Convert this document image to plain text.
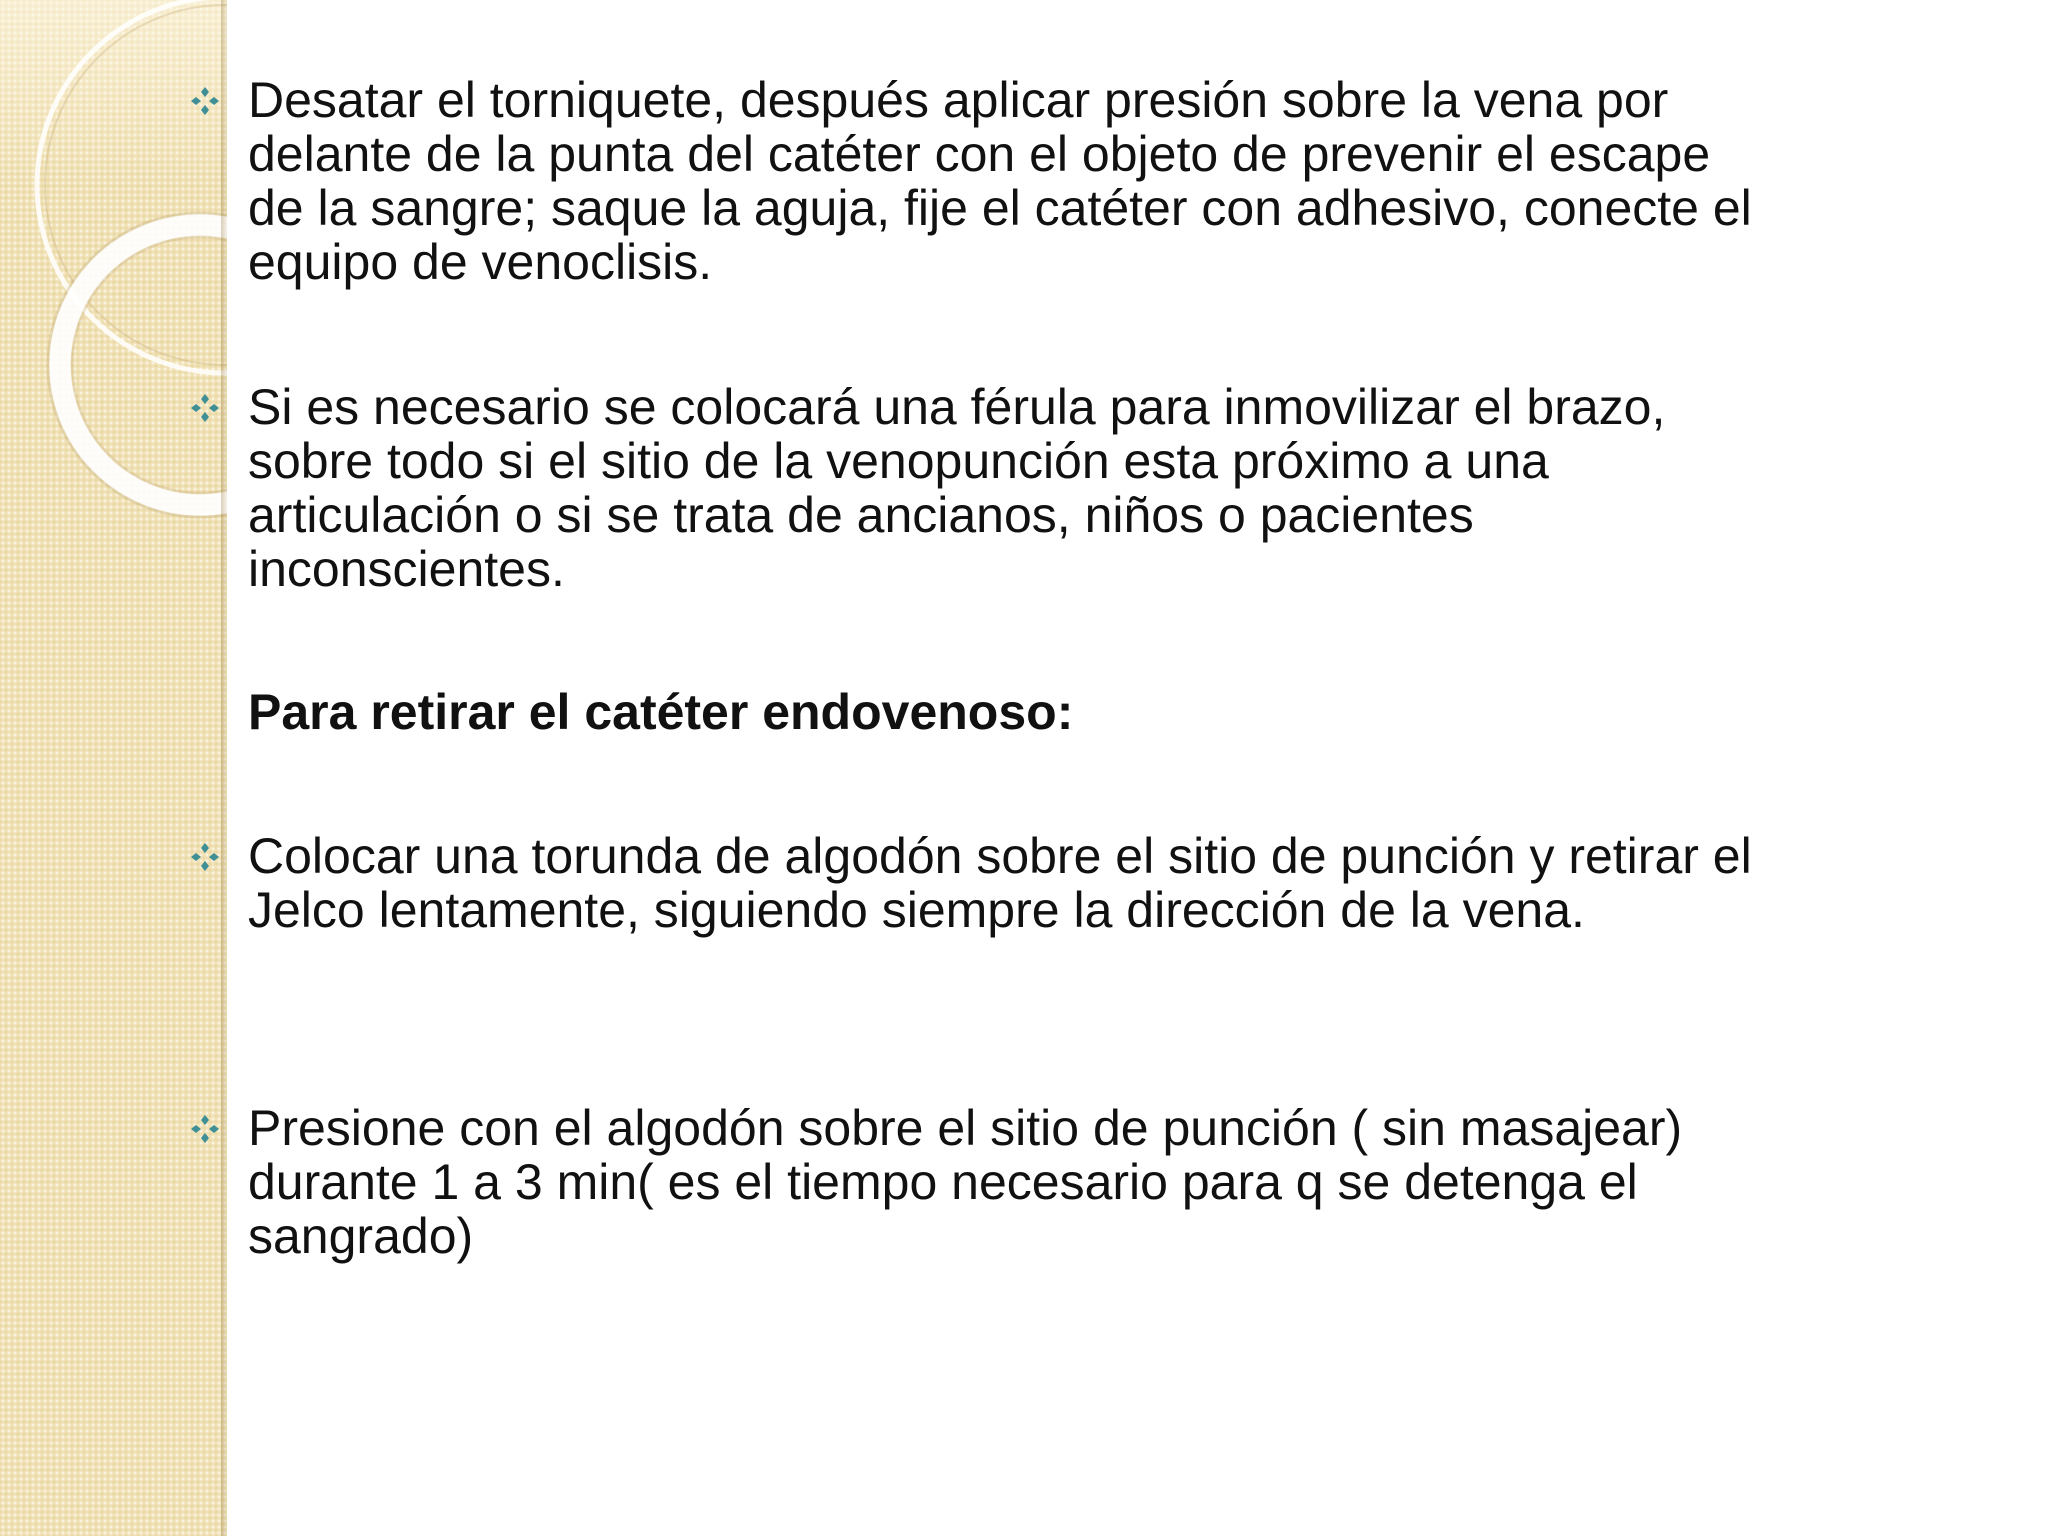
Desatar el torniquete, después aplicar presión sobre la vena por
delante de la punta del catéter con el objeto de prevenir el escape
de la sangre; saque la aguja, fije el catéter con adhesivo, conecte el
equipo de venoclisis.

Si es necesario se colocará una férula para inmovilizar el brazo,
sobre todo si el sitio de la venopunción esta próximo a una
articulación o si se trata de ancianos, niños o pacientes
inconscientes.

Para retirar el catéter endovenoso:

Colocar una torunda de algodón sobre el sitio de punción y retirar el
Jelco lentamente, siguiendo siempre la dirección de la vena.

Presione con el algodón sobre el sitio de punción ( sin masajear)
durante 1 a 3 min( es el tiempo necesario para q se detenga el
sangrado)
